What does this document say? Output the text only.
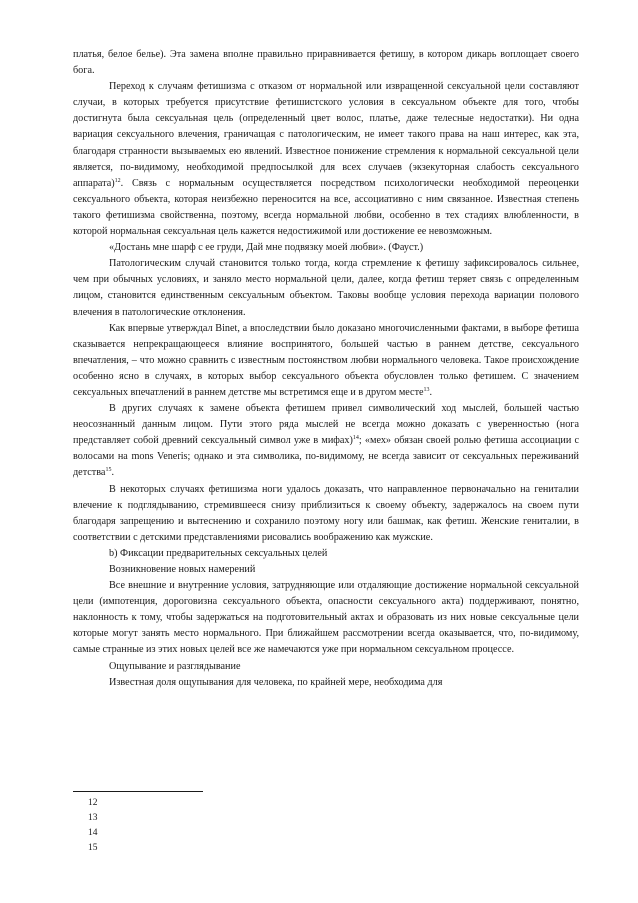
платья, белое белье). Эта замена вполне правильно приравнивается фетишу, в котором дикарь воплощает своего бога.

Переход к случаям фетишизма с отказом от нормальной или извращенной сексуальной цели составляют случаи, в которых требуется присутствие фетишистского условия в сексуальном объекте для того, чтобы достигнута была сексуальная цель (определенный цвет волос, платье, даже телесные недостатки). Ни одна вариация сексуального влечения, граничащая с патологическим, не имеет такого права на наш интерес, как эта, благодаря странности вызываемых ею явлений. Известное понижение стремления к нормальной сексуальной цели является, по-видимому, необходимой предпосылкой для всех случаев (экзекуторная слабость сексуального аппарата)$^{12}$. Связь с нормальным осуществляется посредством психологически необходимой переоценки сексуального объекта, которая неизбежно переносится на все, ассоциативно с ним связанное. Известная степень такого фетишизма свойственна, поэтому, всегда нормальной любви, особенно в тех стадиях влюбленности, в которой нормальная сексуальная цель кажется недостижимой или достижение ее невозможным.

«Достань мне шарф с ее груди, Дай мне подвязку моей любви». (Фауст.)

Патологическим случай становится только тогда, когда стремление к фетишу зафиксировалось сильнее, чем при обычных условиях, и заняло место нормальной цели, далее, когда фетиш теряет связь с определенным лицом, становится единственным сексуальным объектом. Таковы вообще условия перехода вариации полового влечения в патологические отклонения.

Как впервые утверждал Binet, а впоследствии было доказано многочисленными фактами, в выборе фетиша сказывается непрекращающееся влияние воспринятого, большей частью в раннем детстве, сексуального впечатления, – что можно сравнить с известным постоянством любви нормального человека. Такое происхождение особенно ясно в случаях, в которых выбор сексуального объекта обусловлен только фетишем. С значением сексуальных впечатлений в раннем детстве мы встретимся еще и в другом месте$^{13}$.

В других случаях к замене объекта фетишем привел символический ход мыслей, большей частью неосознанный данным лицом. Пути этого ряда мыслей не всегда можно доказать с уверенностью (нога представляет собой древний сексуальный символ уже в мифах)$^{14}$; «мех» обязан своей ролью фетиша ассоциации с волосами на mons Veneris; однако и эта символика, по-видимому, не всегда зависит от сексуальных переживаний детства$^{15}$.

В некоторых случаях фетишизма ноги удалось доказать, что направленное первоначально на гениталии влечение к подглядыванию, стремившееся снизу приблизиться к своему объекту, задержалось на своем пути благодаря запрещению и вытеснению и сохранило поэтому ногу или башмак, как фетиш. Женские гениталии, в соответствии с детскими представлениями рисовались воображению как мужские.

b) Фиксации предварительных сексуальных целей

Возникновение новых намерений

Все внешние и внутренние условия, затрудняющие или отдаляющие достижение нормальной сексуальной цели (импотенция, дороговизна сексуального объекта, опасности сексуального акта) поддерживают, понятно, наклонность к тому, чтобы задержаться на подготовительный актах и образовать из них новые сексуальные цели которые могут занять место нормального. При ближайшем рассмотрении всегда оказывается, что, по-видимому, самые странные из этих новых целей все же намечаются уже при нормальном сексуальном процессе.

Ощупывание и разглядывание

Известная доля ощупывания для человека, по крайней мере, необходима для

12
13
14
15
